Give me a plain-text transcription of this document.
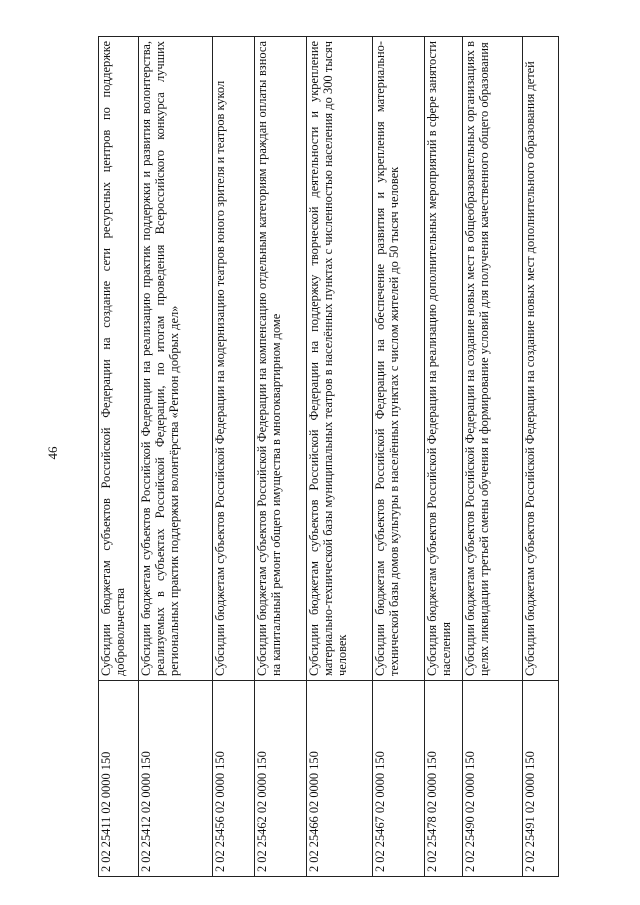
46
2 02 25411 02 0000 150	Субсидии бюджетам субъектов Российской Федерации на создание сети ресурсных центров по поддержке добровольчества
2 02 25412 02 0000 150	Субсидии бюджетам субъектов Российской Федерации на реализацию практик поддержки и развития волонтерства, реализуемых в субъектах Российской Федерации, по итогам проведения Всероссийского конкурса лучших региональных практик поддержки волонтёрства «Регион добрых дел»
2 02 25456 02 0000 150	Субсидии бюджетам субъектов Российской Федерации на модернизацию театров юного зрителя и театров кукол
2 02 25462 02 0000 150	Субсидии бюджетам субъектов Российской Федерации на компенсацию отдельным категориям граждан оплаты взноса на капитальный ремонт общего имущества в многоквартирном доме
2 02 25466 02 0000 150	Субсидии бюджетам субъектов Российской Федерации на поддержку творческой деятельности и укрепление материально-технической базы муниципальных театров в населённых пунктах с численностью населения до 300 тысяч человек
2 02 25467 02 0000 150	Субсидии бюджетам субъектов Российской Федерации на обеспечение развития и укрепления материально-технической базы домов культуры в населённых пунктах с числом жителей до 50 тысяч человек
2 02 25478 02 0000 150	Субсидия бюджетам субъектов Российской Федерации на реализацию дополнительных мероприятий в сфере занятости населения
2 02 25490 02 0000 150	Субсидии бюджетам субъектов Российской Федерации на создание новых мест в общеобразовательных организациях в целях ликвидации третьей смены обучения и формирование условий для получения качественного общего образования
2 02 25491 02 0000 150	Субсидии бюджетам субъектов Российской Федерации на создание новых мест дополнительного образования детей
